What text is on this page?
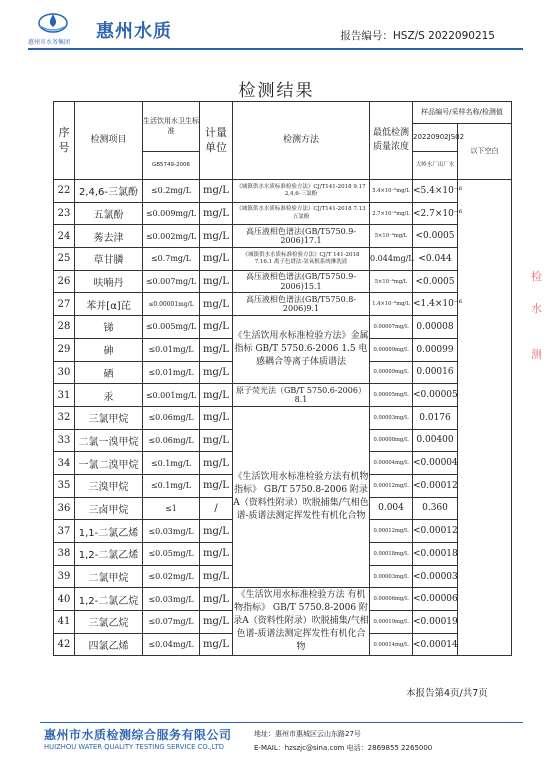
惠州市水务集团
惠州水质	报告编号：HSZ/S 2022090215
检测结果
序号	检测项目	生活饮用水卫生标准	计量单位	检测方法	最低检测质量浓度	样品编号/采样名称/检测值	
						20220902JS02	以下空白
		GB5749-2006				大岭水厂出厂水	
22	2,4,6-三氯酚	≤0.2mg/L	mg/L	《城镇供水水质标准检验方法》CJ/T141-2018 9.17 2,4,6-三氯酚	5.4×10⁻⁶mg/L	<5.4×10⁻⁶	
23	五氯酚	≤0.009mg/L	mg/L	《城镇供水水质标准检验方法》CJ/T141-2018 7.13 五氯酚	2.7×10⁻⁶mg/L	<2.7×10⁻⁶	
24	莠去津	≤0.002mg/L	mg/L	高压液相色谱法(GB/T5750.9-2006)17.1	5×10⁻⁴mg/L	<0.0005	
25	草甘膦	≤0.7mg/L	mg/L	《城镇供水水质标准检验方法》CJ/T 141-2018 7.16.1 离子色谱法-氢氧根系统淋洗液	0.044mg/L	<0.044	
26	呋喃丹	≤0.007mg/L	mg/L	高压液相色谱法(GB/T5750.9-2006)15.1	5×10⁻⁴mg/L	<0.0005	
27	苯并[α]芘	≤0.00001mg/L	mg/L	高压液相色谱法(GB/T5750.8-2006)9.1	1.4×10⁻⁶mg/L	<1.4×10⁻⁶	
28	锑	≤0.005mg/L	mg/L	《生活饮用水标准检验方法》金属指标 GB/T 5750.6-2006 1.5 电感耦合等离子体质谱法	0.00007mg/L	0.00008	
29	砷	≤0.01mg/L	mg/L		0.00009mg/L	0.00099	
30	硒	≤0.01mg/L	mg/L		0.00009mg/L	0.00016	
31	汞	≤0.001mg/L	mg/L	原子荧光法（GB/T 5750.6-2006）8.1	0.00005mg/L	<0.00005	
32	三氯甲烷	≤0.06mg/L	mg/L	《生活饮用水标准检验方法有机物指标》 GB/T 5750.8-2006 附录A（资料性附录）吹脱捕集/气相色谱-质谱法测定挥发性有机化合物	0.00003mg/L	0.0176	
33	二氯一溴甲烷	≤0.06mg/L	mg/L		0.00008mg/L	0.00400	
34	一氯二溴甲烷	≤0.1mg/L	mg/L		0.00004mg/L	<0.00004	
35	三溴甲烷	≤0.1mg/L	mg/L		0.00012mg/L	<0.00012	
36	三卤甲烷	≤1	/		0.004	0.360	
37	1,1-二氯乙烯	≤0.03mg/L	mg/L		0.00012mg/L	<0.00012	
38	1,2-二氯乙烯	≤0.05mg/L	mg/L		0.00018mg/L	<0.00018	
39	二氯甲烷	≤0.02mg/L	mg/L		0.00003mg/L	<0.00003	
40	1,2-二氯乙烷	≤0.03mg/L	mg/L	《生活饮用水标准检验方法 有机物指标》 GB/T 5750.8-2006 附录A（资料性附录）吹脱捕集/气相色谱-质谱法测定挥发性有机化合物	0.00006mg/L	<0.00006	
41	三氯乙烷	≤0.07mg/L	mg/L		0.00019mg/L	<0.00019	
42	四氯乙烯	≤0.04mg/L	mg/L		0.00014mg/L	<0.00014	
检
水
测
本报告第4页/共7页
惠州市水质检测综合服务有限公司
HUIZHOU WATER QUALITY TESTING SERVICE CO.,LTD
地址：惠州市惠城区云山东路27号
E-MAIL：hzszjc@sina.com 电话：2869855 2265000
